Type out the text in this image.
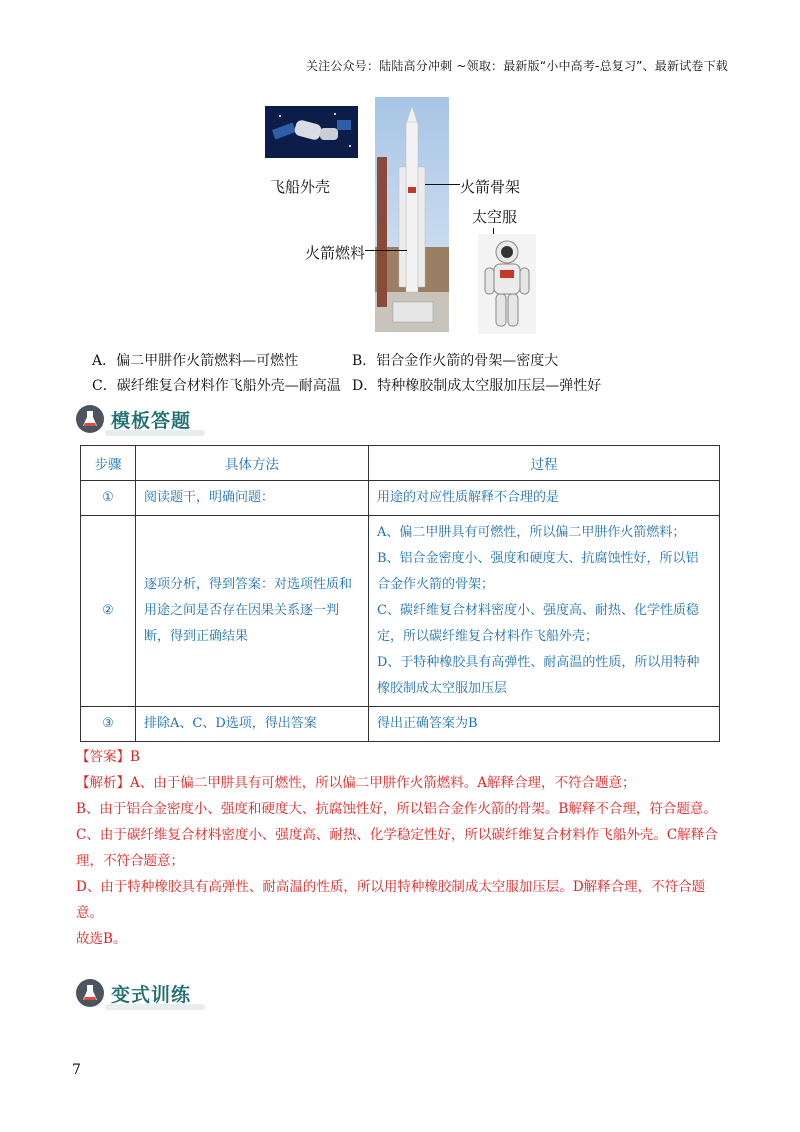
关注公众号：陆陆高分冲刺 ~领取：最新版“小中高考-总复习”、最新试卷下载
飞船外壳	火箭骨架
火箭燃料
太空服
A．偏二甲肼作火箭燃料—可燃性	B．铝合金作火箭的骨架—密度大
C．碳纤维复合材料作飞船外壳—耐高温 D．特种橡胶制成太空服加压层—弹性好
模板答题
步骤	具体方法	过程
①	阅读题干，明确问题：	用途的对应性质解释不合理的是
②	逐项分析，得到答案：对选项性质和用途之间是否存在因果关系逐一判断，得到正确结果	A、偏二甲肼具有可燃性，所以偏二甲肼作火箭燃料；
B、铝合金密度小、强度和硬度大、抗腐蚀性好，所以铝合金作火箭的骨架；
C、碳纤维复合材料密度小、强度高、耐热、化学性质稳定，所以碳纤维复合材料作飞船外壳；
D、于特种橡胶具有高弹性、耐高温的性质，所以用特种橡胶制成太空服加压层

③	排除A、C、D选项，得出答案	得出正确答案为B
【答案】B
【解析】A、由于偏二甲肼具有可燃性，所以偏二甲肼作火箭燃料。A解释合理，不符合题意；
B、由于铝合金密度小、强度和硬度大、抗腐蚀性好，所以铝合金作火箭的骨架。B解释不合理，符合题意。
C、由于碳纤维复合材料密度小、强度高、耐热、化学稳定性好，所以碳纤维复合材料作飞船外壳。C解释合理，不符合题意；
D、由于特种橡胶具有高弹性、耐高温的性质，所以用特种橡胶制成太空服加压层。D解释合理，不符合题意。
故选B。
变式训练
7
